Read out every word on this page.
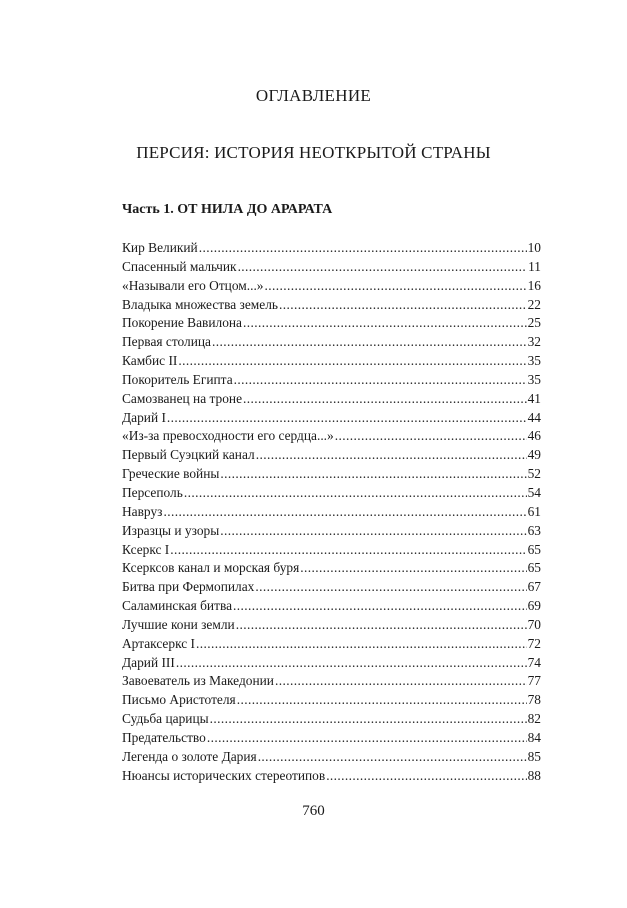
ОГЛАВЛЕНИЕ
ПЕРСИЯ: ИСТОРИЯ НЕОТКРЫТОЙ СТРАНЫ
Часть 1. ОТ НИЛА ДО АРАРАТА
Кир Великий .....	10
Спасенный мальчик .....	11
«Называли его Отцом...» .....	16
Владыка множества земель .....	22
Покорение Вавилона .....	25
Первая столица .....	32
Камбис II .....	35
Покоритель Египта .....	35
Самозванец на троне .....	41
Дарий I .....	44
«Из-за превосходности его сердца...» .....	46
Первый Суэцкий канал .....	49
Греческие войны .....	52
Персеполь .....	54
Навруз .....	61
Изразцы и узоры .....	63
Ксеркс I .....	65
Ксерксов канал и морская буря .....	65
Битва при Фермопилах .....	67
Саламинская битва .....	69
Лучшие кони земли .....	70
Артаксеркс I .....	72
Дарий III .....	74
Завоеватель из Македонии .....	77
Письмо Аристотеля .....	78
Судьба царицы .....	82
Предательство .....	84
Легенда о золоте Дария .....	85
Нюансы исторических стереотипов .....	88
760
